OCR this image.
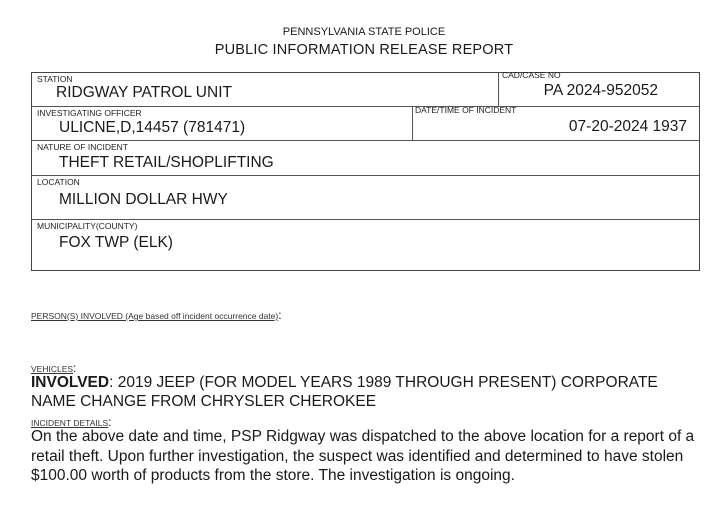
PENNSYLVANIA STATE POLICE
PUBLIC INFORMATION RELEASE REPORT
STATION
RIDGWAY PATROL UNIT
CAD/CASE NO
PA 2024-952052
INVESTIGATING OFFICER
ULICNE,D,14457 (781471)
DATE/TIME OF INCIDENT
07-20-2024 1937
NATURE OF INCIDENT
THEFT RETAIL/SHOPLIFTING
LOCATION
MILLION DOLLAR HWY
MUNICIPALITY(COUNTY)
FOX TWP (ELK)
PERSON(S) INVOLVED (Age based off incident occurrence date):
VEHICLES:
INVOLVED: 2019 JEEP (FOR MODEL YEARS 1989 THROUGH PRESENT) CORPORATE
NAME CHANGE FROM CHRYSLER CHEROKEE
INCIDENT DETAILS:
On the above date and time, PSP Ridgway was dispatched to the above location for a report of a
retail theft. Upon further investigation, the suspect was identified and determined to have stolen
$100.00 worth of products from the store. The investigation is ongoing.
